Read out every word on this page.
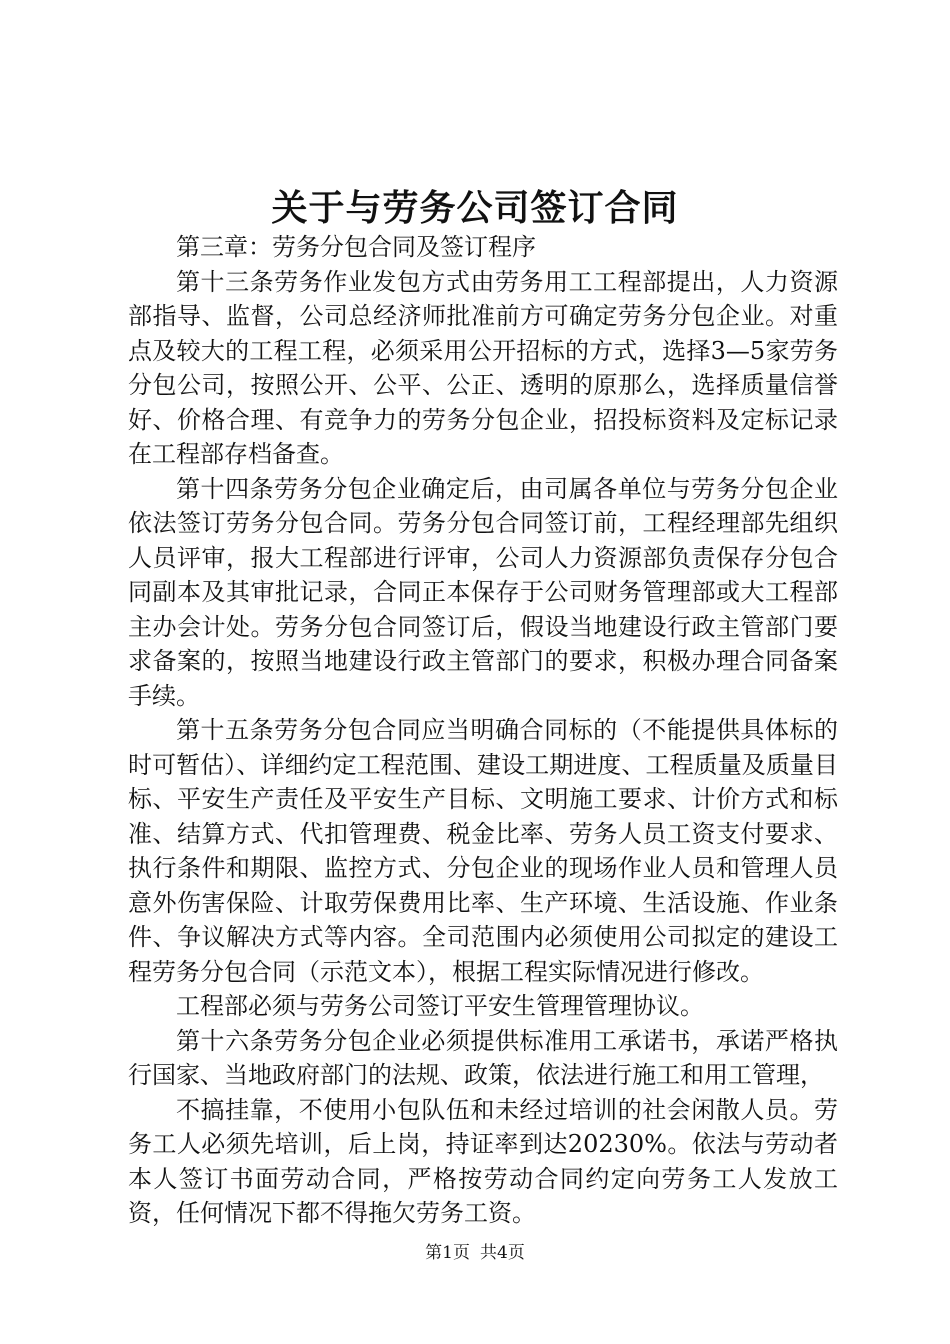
关于与劳务公司签订合同

第三章：劳务分包合同及签订程序

第十三条劳务作业发包方式由劳务用工工程部提出，人力资源部指导、监督，公司总经济师批准前方可确定劳务分包企业。对重点及较大的工程工程，必须采用公开招标的方式，选择3—5家劳务分包公司，按照公开、公平、公正、透明的原那么，选择质量信誉好、价格合理、有竞争力的劳务分包企业，招投标资料及定标记录在工程部存档备查。

第十四条劳务分包企业确定后，由司属各单位与劳务分包企业依法签订劳务分包合同。劳务分包合同签订前，工程经理部先组织人员评审，报大工程部进行评审，公司人力资源部负责保存分包合同副本及其审批记录，合同正本保存于公司财务管理部或大工程部主办会计处。劳务分包合同签订后，假设当地建设行政主管部门要求备案的，按照当地建设行政主管部门的要求，积极办理合同备案手续。

第十五条劳务分包合同应当明确合同标的（不能提供具体标的时可暂估）、详细约定工程范围、建设工期进度、工程质量及质量目标、平安生产责任及平安生产目标、文明施工要求、计价方式和标准、结算方式、代扣管理费、税金比率、劳务人员工资支付要求、执行条件和期限、监控方式、分包企业的现场作业人员和管理人员意外伤害保险、计取劳保费用比率、生产环境、生活设施、作业条件、争议解决方式等内容。全司范围内必须使用公司拟定的建设工程劳务分包合同（示范文本），根据工程实际情况进行修改。

工程部必须与劳务公司签订平安生管理管理协议。

第十六条劳务分包企业必须提供标准用工承诺书，承诺严格执行国家、当地政府部门的法规、政策，依法进行施工和用工管理，

不搞挂靠，不使用小包队伍和未经过培训的社会闲散人员。劳务工人必须先培训，后上岗，持证率到达20230%。依法与劳动者本人签订书面劳动合同，严格按劳动合同约定向劳务工人发放工资，任何情况下都不得拖欠劳务工资。

第1页 共4页
